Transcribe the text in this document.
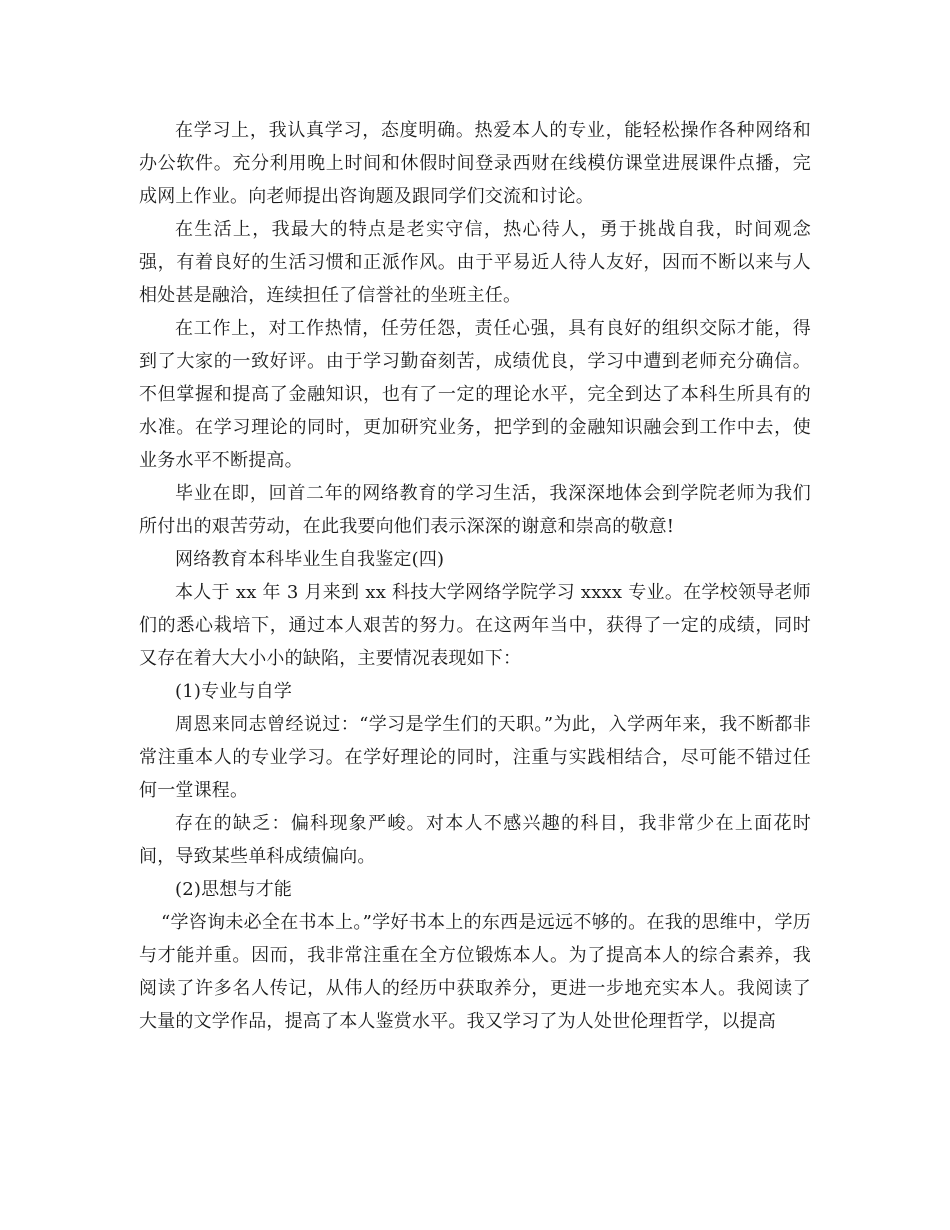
在学习上，我认真学习，态度明确。热爱本人的专业，能轻松操作各种网络和办公软件。充分利用晚上时间和休假时间登录西财在线模仿课堂进展课件点播，完成网上作业。向老师提出咨询题及跟同学们交流和讨论。

在生活上，我最大的特点是老实守信，热心待人，勇于挑战自我，时间观念强，有着良好的生活习惯和正派作风。由于平易近人待人友好，因而不断以来与人相处甚是融洽，连续担任了信誉社的坐班主任。

在工作上，对工作热情，任劳任怨，责任心强，具有良好的组织交际才能，得到了大家的一致好评。由于学习勤奋刻苦，成绩优良，学习中遭到老师充分确信。不但掌握和提高了金融知识，也有了一定的理论水平，完全到达了本科生所具有的水准。在学习理论的同时，更加研究业务，把学到的金融知识融会到工作中去，使业务水平不断提高。

毕业在即，回首二年的网络教育的学习生活，我深深地体会到学院老师为我们所付出的艰苦劳动，在此我要向他们表示深深的谢意和崇高的敬意!

网络教育本科毕业生自我鉴定(四)

本人于 xx 年 3 月来到 xx 科技大学网络学院学习 xxxx 专业。在学校领导老师们的悉心栽培下，通过本人艰苦的努力。在这两年当中，获得了一定的成绩，同时又存在着大大小小的缺陷，主要情况表现如下：

(1)专业与自学

周恩来同志曾经说过：“学习是学生们的天职。”为此，入学两年来，我不断都非常注重本人的专业学习。在学好理论的同时，注重与实践相结合，尽可能不错过任何一堂课程。

存在的缺乏：偏科现象严峻。对本人不感兴趣的科目，我非常少在上面花时间，导致某些单科成绩偏向。

(2)思想与才能

“学咨询未必全在书本上。”学好书本上的东西是远远不够的。在我的思维中，学历与才能并重。因而，我非常注重在全方位锻炼本人。为了提高本人的综合素养，我阅读了许多名人传记，从伟人的经历中获取养分，更进一步地充实本人。我阅读了大量的文学作品，提高了本人鉴赏水平。我又学习了为人处世伦理哲学，以提高
